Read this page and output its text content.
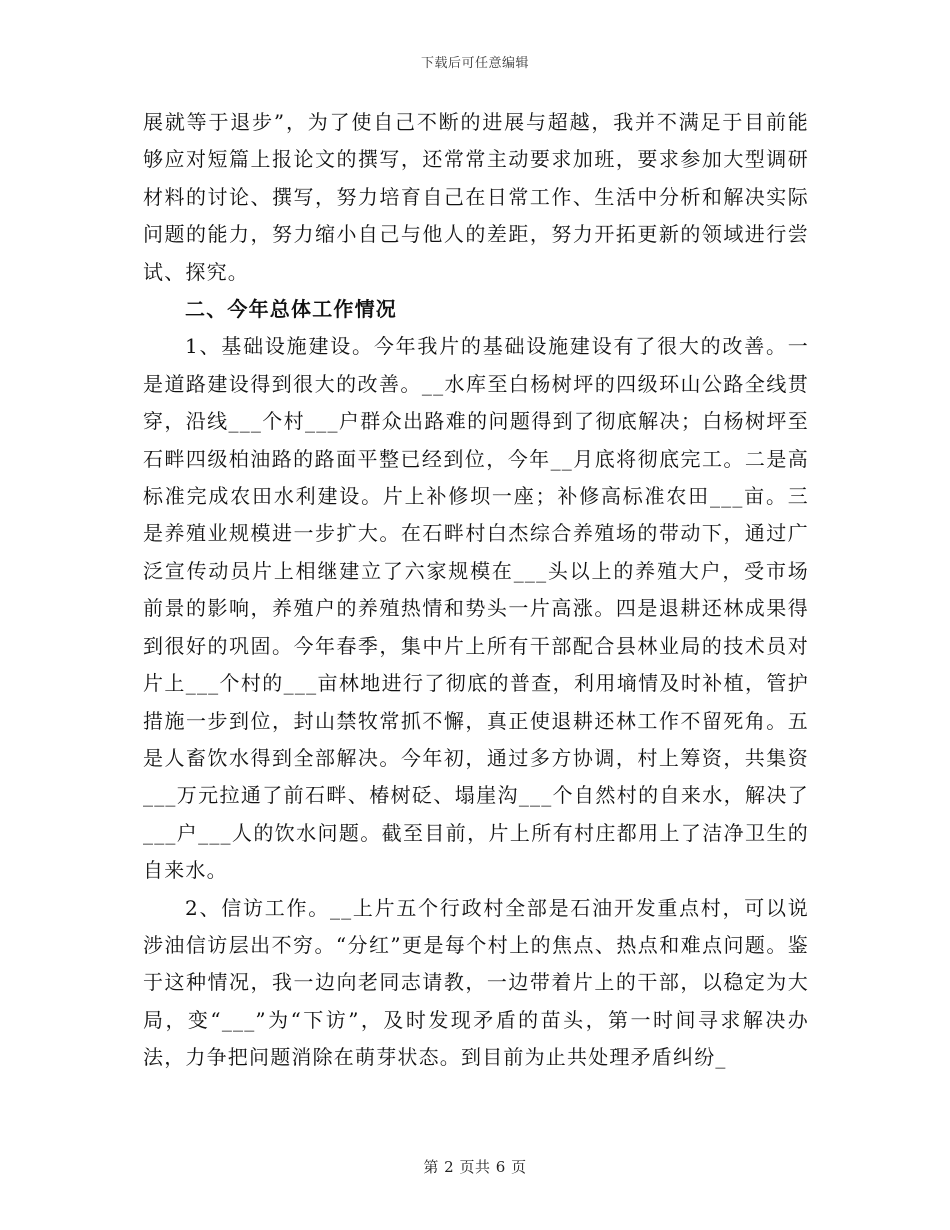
下载后可任意编辑

展就等于退步”，为了使自己不断的进展与超越，我并不满足于目前能够应对短篇上报论文的撰写，还常常主动要求加班，要求参加大型调研材料的讨论、撰写，努力培育自己在日常工作、生活中分析和解决实际问题的能力，努力缩小自己与他人的差距，努力开拓更新的领域进行尝试、探究。

二、今年总体工作情况

1、基础设施建设。今年我片的基础设施建设有了很大的改善。一是道路建设得到很大的改善。__水库至白杨树坪的四级环山公路全线贯穿，沿线___个村___户群众出路难的问题得到了彻底解决；白杨树坪至石畔四级柏油路的路面平整已经到位，今年__月底将彻底完工。二是高标准完成农田水利建设。片上补修坝一座；补修高标准农田___亩。三是养殖业规模进一步扩大。在石畔村白杰综合养殖场的带动下，通过广泛宣传动员片上相继建立了六家规模在___头以上的养殖大户，受市场前景的影响，养殖户的养殖热情和势头一片高涨。四是退耕还林成果得到很好的巩固。今年春季，集中片上所有干部配合县林业局的技术员对片上___个村的___亩林地进行了彻底的普查，利用墒情及时补植，管护措施一步到位，封山禁牧常抓不懈，真正使退耕还林工作不留死角。五是人畜饮水得到全部解决。今年初，通过多方协调，村上筹资，共集资___万元拉通了前石畔、椿树砭、塌崖沟___个自然村的自来水，解决了___户___人的饮水问题。截至目前，片上所有村庄都用上了洁净卫生的自来水。

2、信访工作。__上片五个行政村全部是石油开发重点村，可以说涉油信访层出不穷。“分红”更是每个村上的焦点、热点和难点问题。鉴于这种情况，我一边向老同志请教，一边带着片上的干部，以稳定为大局，变“___”为“下访”，及时发现矛盾的苗头，第一时间寻求解决办法，力争把问题消除在萌芽状态。到目前为止共处理矛盾纠纷_

第 2 页共 6 页
